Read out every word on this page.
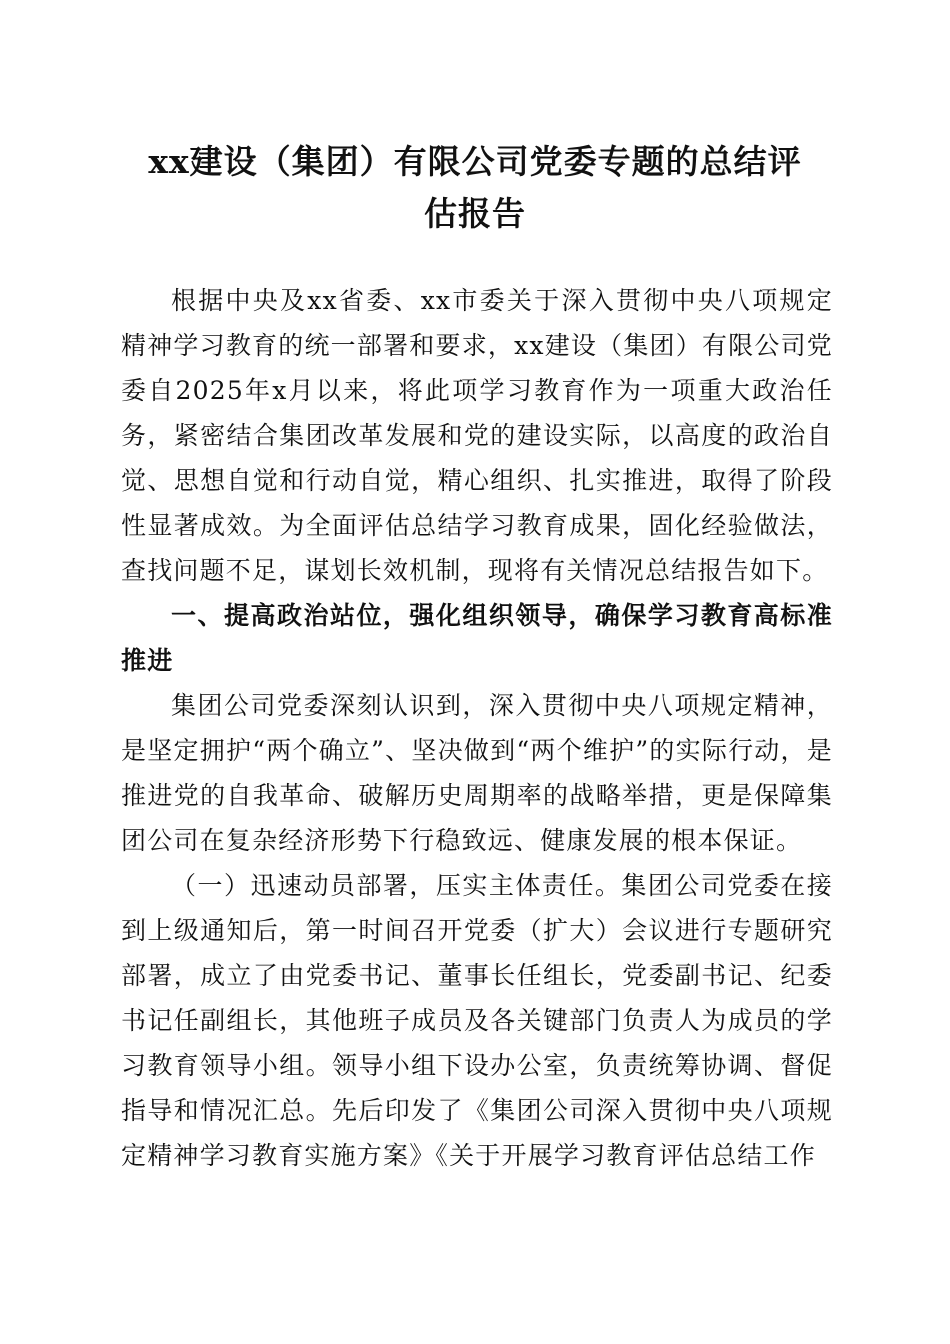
xx建设（集团）有限公司党委专题的总结评
估报告

根据中央及xx省委、xx市委关于深入贯彻中央八项规定精神学习教育的统一部署和要求，xx建设（集团）有限公司党委自2025年x月以来，将此项学习教育作为一项重大政治任务，紧密结合集团改革发展和党的建设实际，以高度的政治自觉、思想自觉和行动自觉，精心组织、扎实推进，取得了阶段性显著成效。为全面评估总结学习教育成果，固化经验做法，查找问题不足，谋划长效机制，现将有关情况总结报告如下。

一、提高政治站位，强化组织领导，确保学习教育高标准推进

集团公司党委深刻认识到，深入贯彻中央八项规定精神，是坚定拥护“两个确立”、坚决做到“两个维护”的实际行动，是推进党的自我革命、破解历史周期率的战略举措，更是保障集团公司在复杂经济形势下行稳致远、健康发展的根本保证。

（一）迅速动员部署，压实主体责任。集团公司党委在接到上级通知后，第一时间召开党委（扩大）会议进行专题研究部署，成立了由党委书记、董事长任组长，党委副书记、纪委书记任副组长，其他班子成员及各关键部门负责人为成员的学习教育领导小组。领导小组下设办公室，负责统筹协调、督促指导和情况汇总。先后印发了《集团公司深入贯彻中央八项规定精神学习教育实施方案》《关于开展学习教育评估总结工作
